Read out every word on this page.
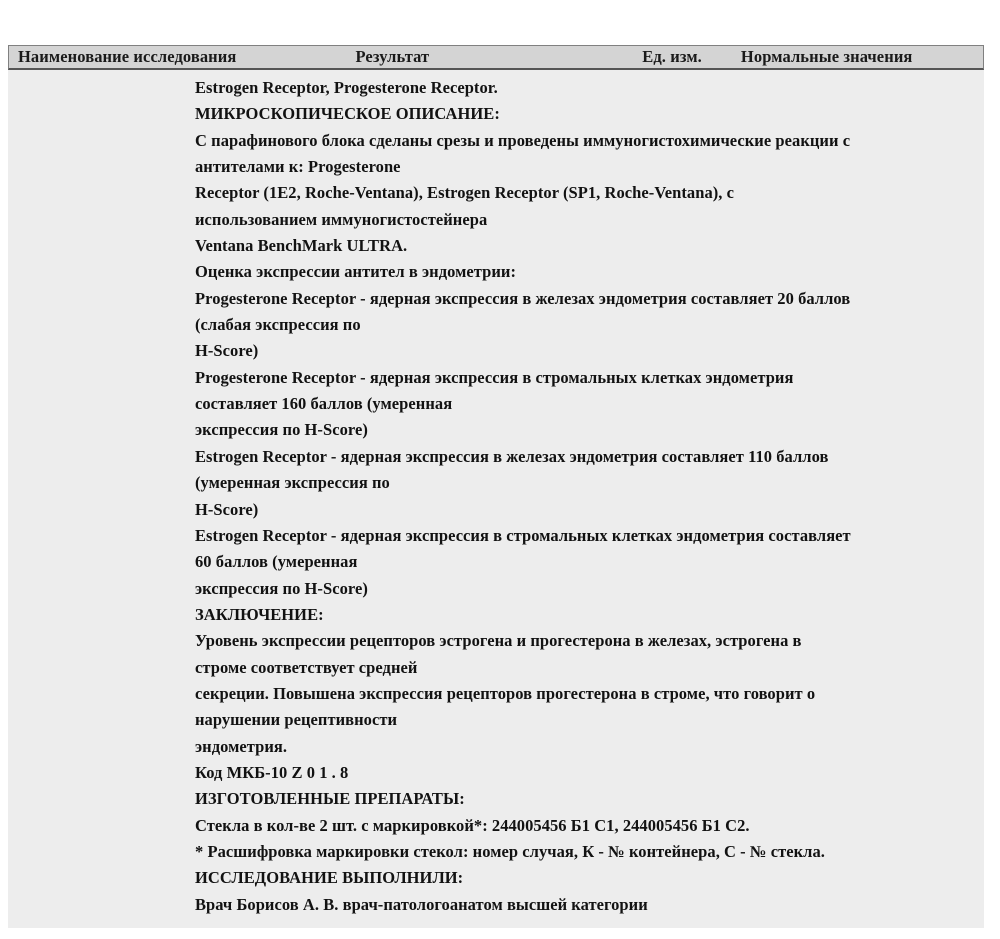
Наименование исследования	Результат	Ед. изм. Нормальные значения
Estrogen Receptor, Progesterone Receptor.
МИКРОСКОПИЧЕСКОЕ ОПИСАНИЕ:
С парафинового блока сделаны срезы и проведены иммуногистохимические реакции с
антителами к: Progesterone
Receptor (1E2, Roche-Ventana), Estrogen Receptor (SP1, Roche-Ventana), с
использованием иммуногистостейнера
Ventana BenchMark ULTRA.
Оценка экспрессии антител в эндометрии:
Progesterone Receptor - ядерная экспрессия в железах эндометрия составляет 20 баллов
(слабая экспрессия по
H-Score)
Progesterone Receptor - ядерная экспрессия в стромальных клетках эндометрия
составляет 160 баллов (умеренная
экспрессия по H-Score)
Estrogen Receptor - ядерная экспрессия в железах эндометрия составляет 110 баллов
(умеренная экспрессия по
H-Score)
Estrogen Receptor - ядерная экспрессия в стромальных клетках эндометрия составляет
60 баллов (умеренная
экспрессия по H-Score)
ЗАКЛЮЧЕНИЕ:
Уровень экспрессии рецепторов эстрогена и прогестерона в железах, эстрогена в
строме соответствует средней
секреции. Повышена экспрессия рецепторов прогестерона в строме, что говорит о
нарушении рецептивности
эндометрия.
Код МКБ-10 Z 0 1 . 8
ИЗГОТОВЛЕННЫЕ ПРЕПАРАТЫ:
Стекла в кол-ве 2 шт. с маркировкой*: 244005456 Б1 С1, 244005456 Б1 С2.
* Расшифровка маркировки стекол: номер случая, К - № контейнера, С - № стекла.
ИССЛЕДОВАНИЕ ВЫПОЛНИЛИ:
Врач Борисов А. В. врач-патологоанатом высшей категории
